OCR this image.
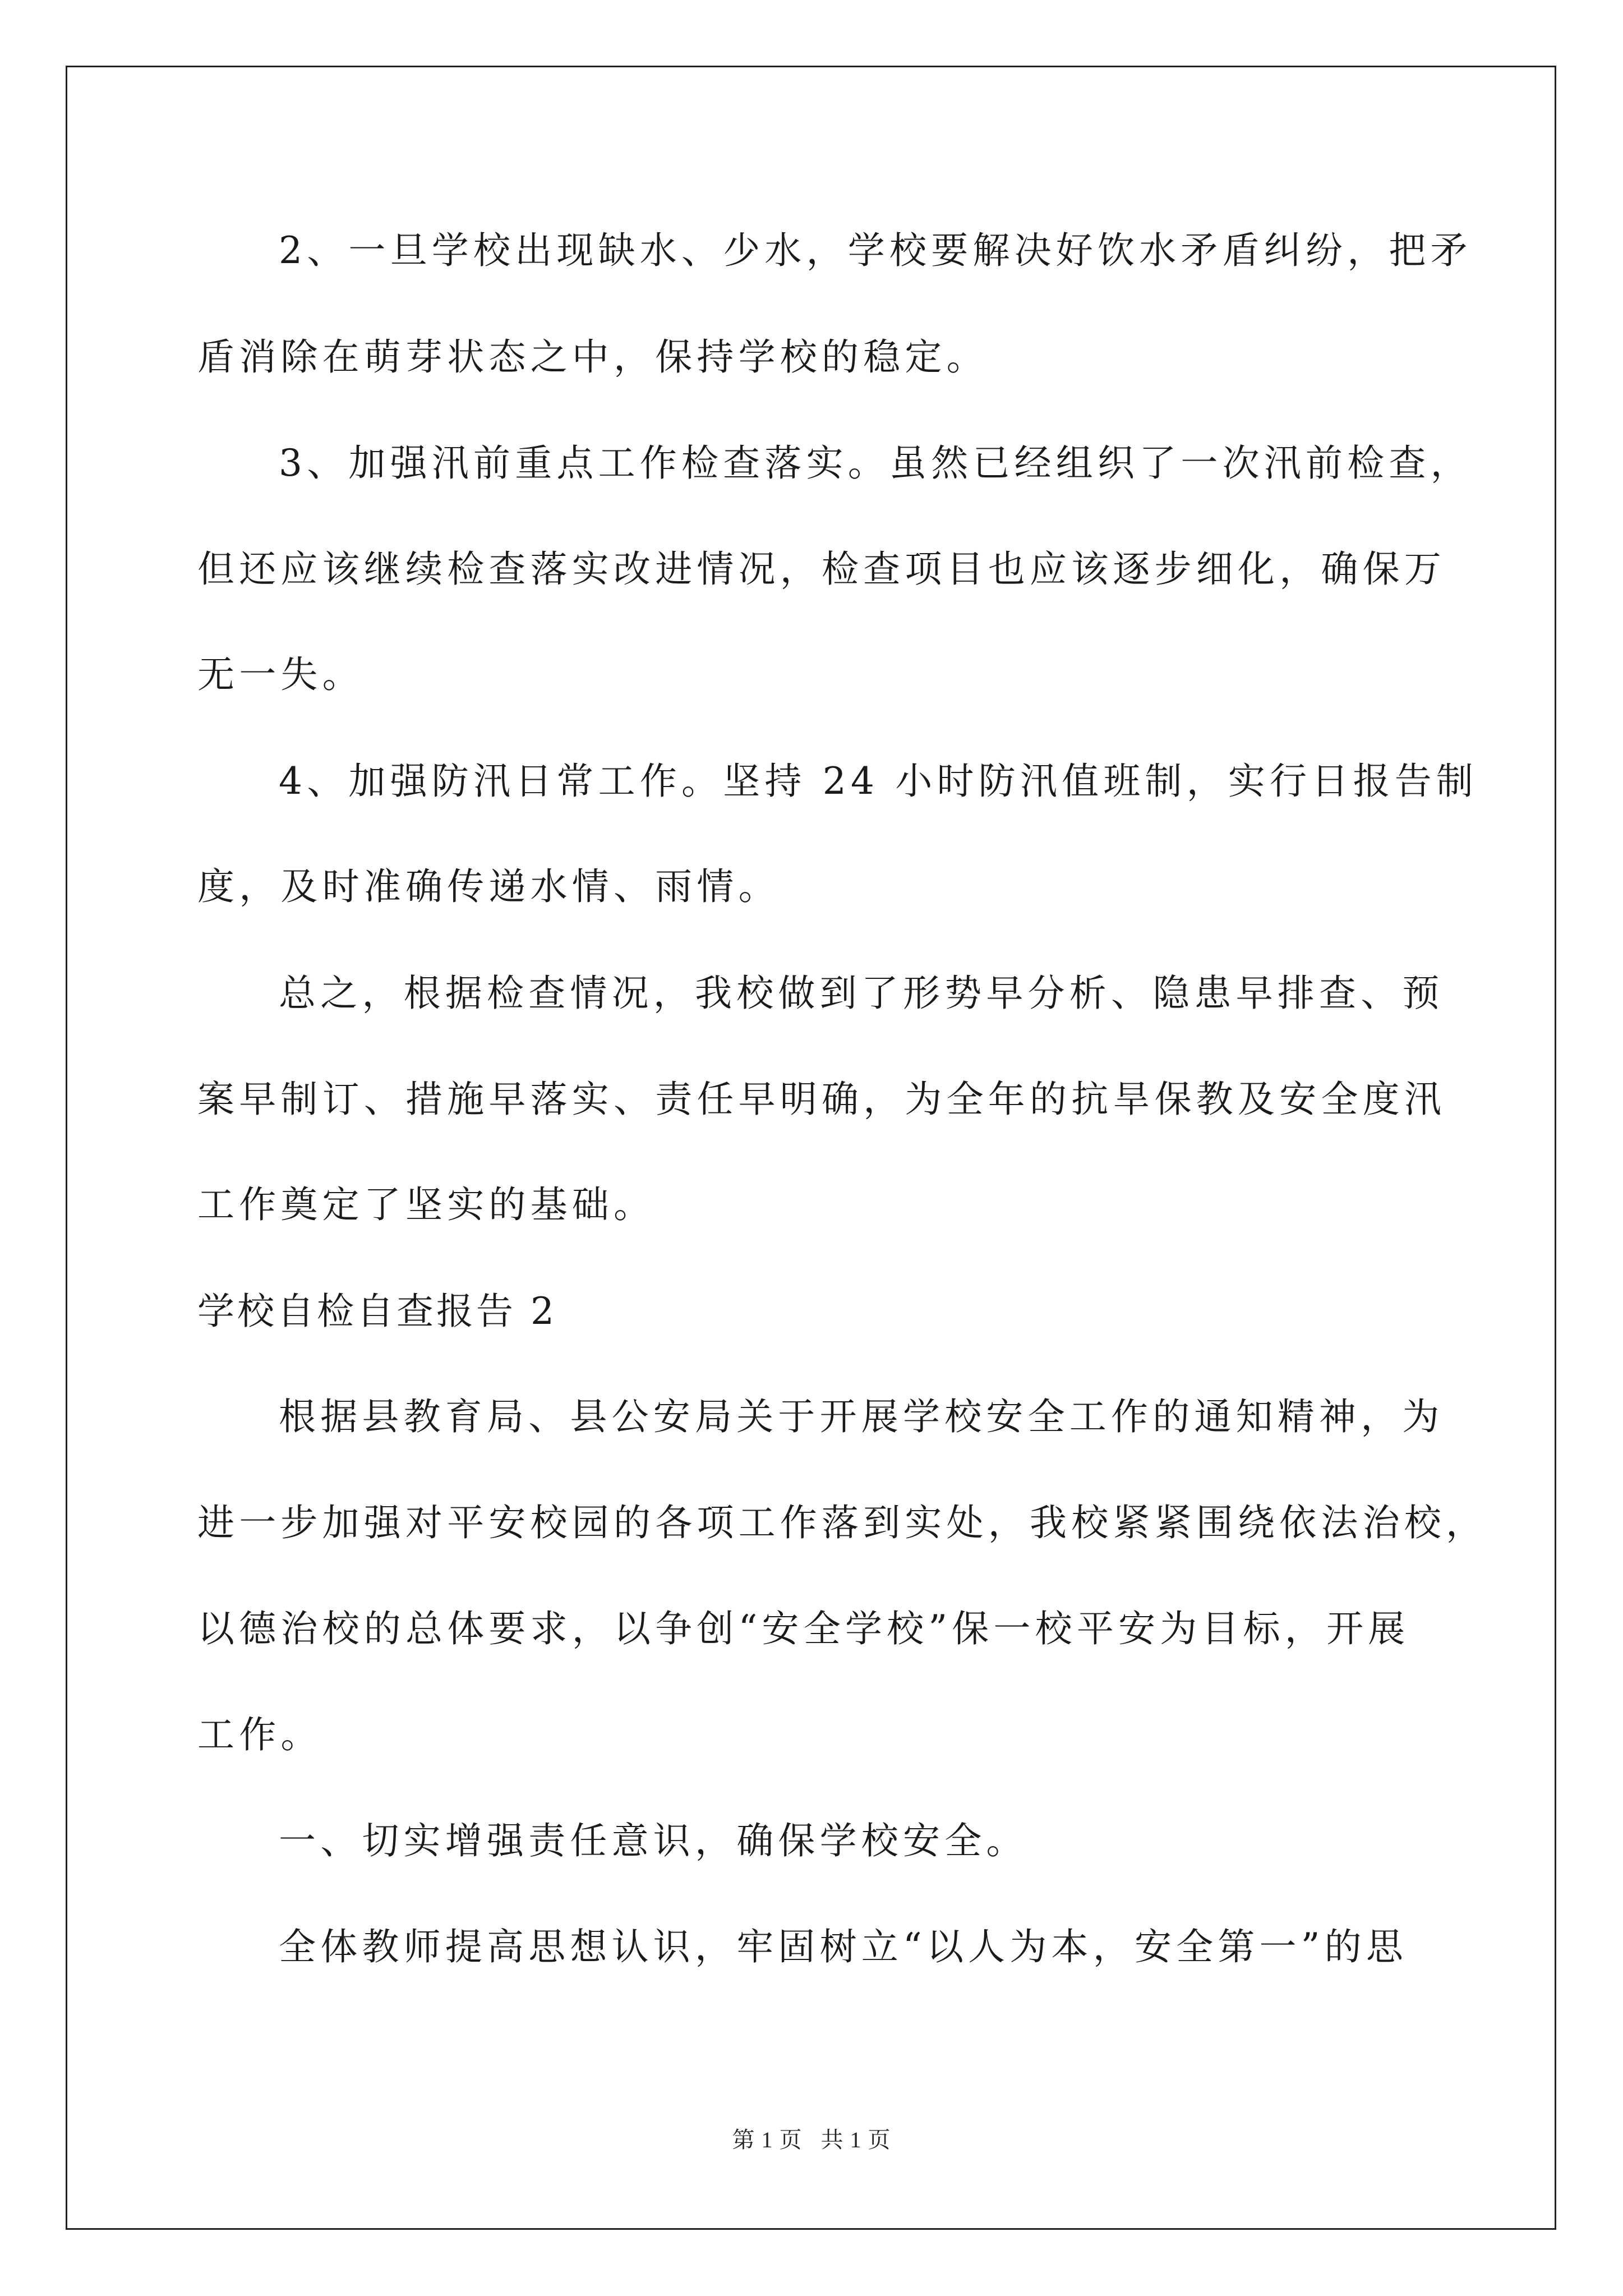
2、一旦学校出现缺水、少水，学校要解决好饮水矛盾纠纷，把矛
盾消除在萌芽状态之中，保持学校的稳定。
3、加强汛前重点工作检查落实。虽然已经组织了一次汛前检查，
但还应该继续检查落实改进情况，检查项目也应该逐步细化，确保万
无一失。
4、加强防汛日常工作。坚持 24 小时防汛值班制，实行日报告制
度，及时准确传递水情、雨情。
总之，根据检查情况，我校做到了形势早分析、隐患早排查、预
案早制订、措施早落实、责任早明确，为全年的抗旱保教及安全度汛
工作奠定了坚实的基础。
学校自检自查报告 2
根据县教育局、县公安局关于开展学校安全工作的通知精神，为
进一步加强对平安校园的各项工作落到实处，我校紧紧围绕依法治校，
以德治校的总体要求，以争创“安全学校”保一校平安为目标，开展
工作。
一、切实增强责任意识，确保学校安全。
全体教师提高思想认识，牢固树立“以人为本，安全第一”的思
第 1 页   共 1 页
